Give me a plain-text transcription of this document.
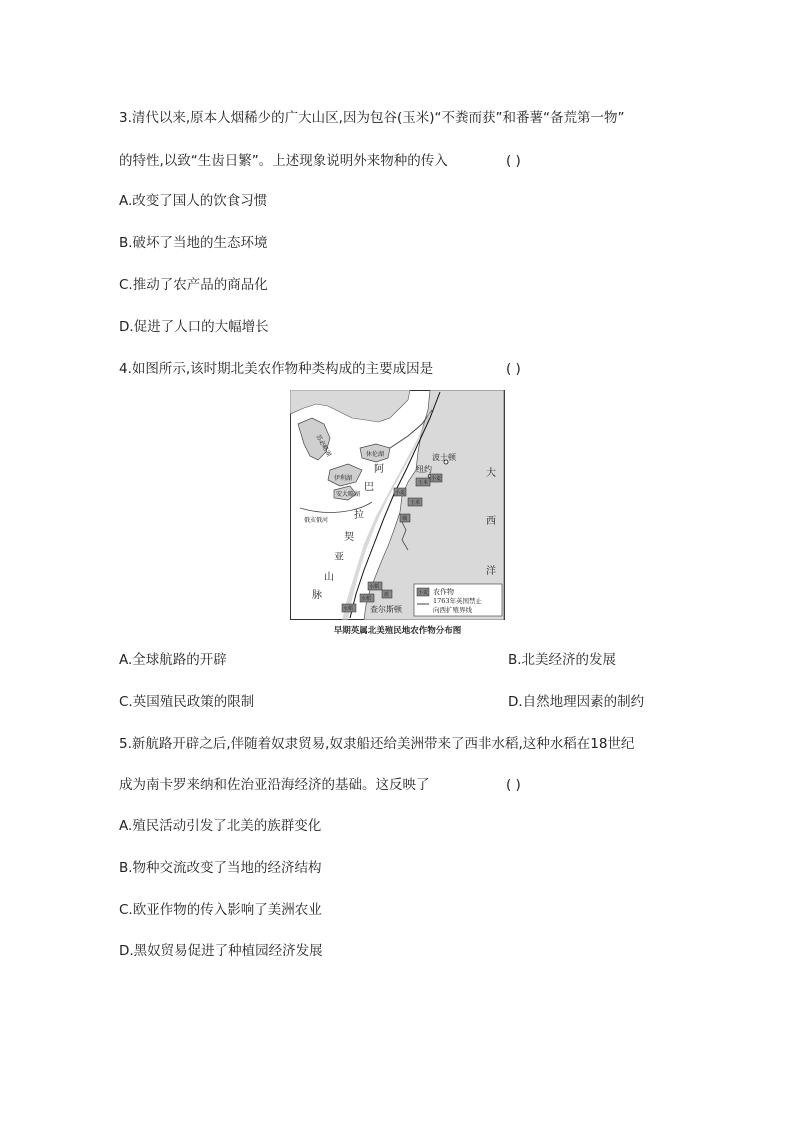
3.清代以来,原本人烟稀少的广大山区,因为包谷(玉米)“不粪而获”和番薯“备荒第一物”
的特性,以致“生齿日繁”。上述现象说明外来物种的传入	( )
A.改变了国人的饮食习惯
B.破坏了当地的生态环境
C.推动了农产品的商品化
D.促进了人口的大幅增长
4.如图所示,该时期北美农作物种类构成的主要成因是	( )
苏必略湖	休伦湖
伊利湖
安大略湖
俄亥俄河
阿
巴
拉
契
亚
山
脉
波士顿
纽约
查尔斯顿
大
西
洋
小麦
玉米
小麦
玉米
烟
水稻
水稻
水稻
蓝	小麦 农作物
1763年英国禁止
向西扩殖界线
早期英属北美殖民地农作物分布图
A.全球航路的开辟	B.北美经济的发展
C.英国殖民政策的限制	D.自然地理因素的制约
5.新航路开辟之后,伴随着奴隶贸易,奴隶船还给美洲带来了西非水稻,这种水稻在18世纪
成为南卡罗来纳和佐治亚沿海经济的基础。这反映了	( )
A.殖民活动引发了北美的族群变化
B.物种交流改变了当地的经济结构
C.欧亚作物的传入影响了美洲农业
D.黑奴贸易促进了种植园经济发展
